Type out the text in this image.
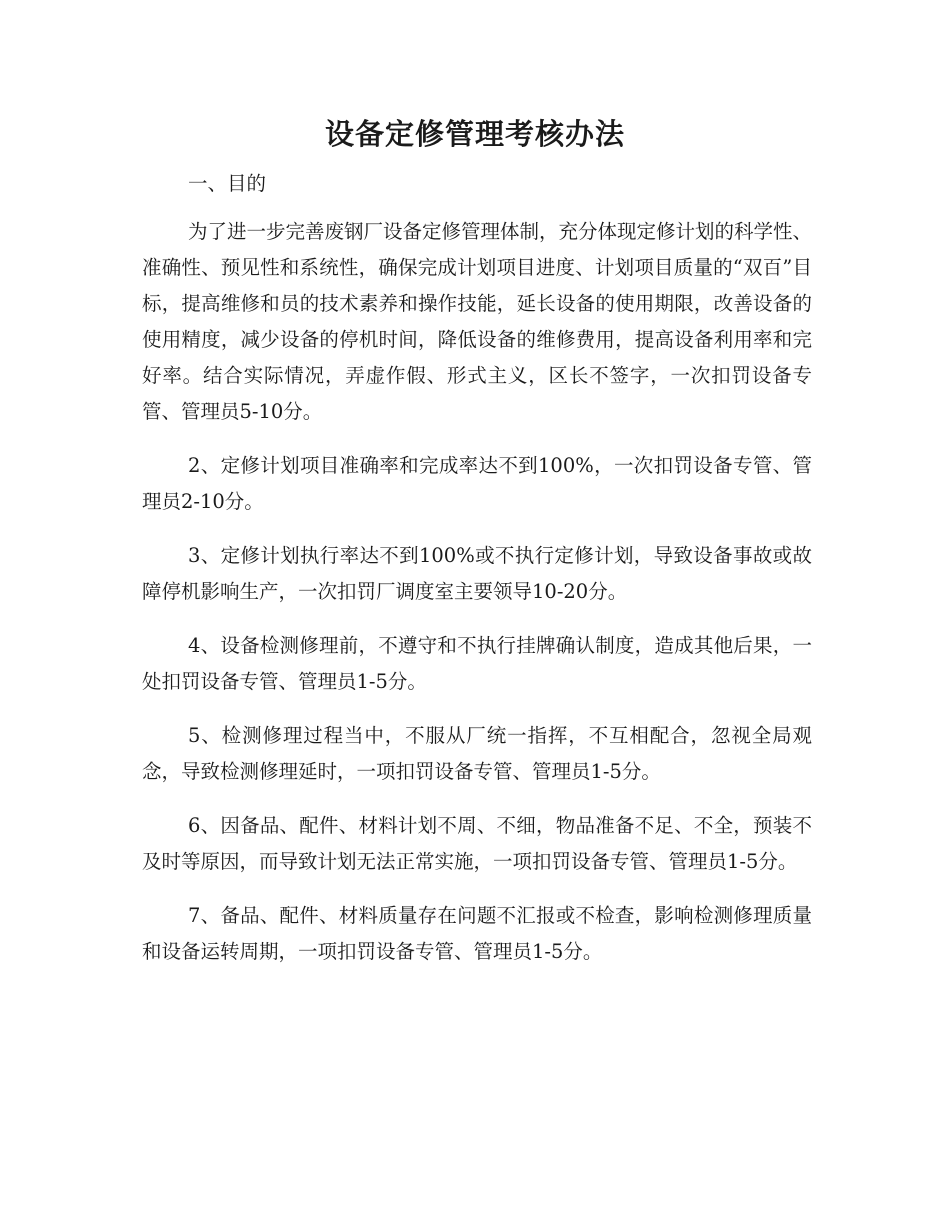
设备定修管理考核办法

一、目的

为了进一步完善废钢厂设备定修管理体制，充分体现定修计划的科学性、准确性、预见性和系统性，确保完成计划项目进度、计划项目质量的“双百”目标，提高维修和员的技术素养和操作技能，延长设备的使用期限，改善设备的使用精度，减少设备的停机时间，降低设备的维修费用，提高设备利用率和完好率。结合实际情况，弄虚作假、形式主义，区长不签字，一次扣罚设备专管、管理员5-10分。

2、定修计划项目准确率和完成率达不到100%，一次扣罚设备专管、管理员2-10分。

3、定修计划执行率达不到100%或不执行定修计划，导致设备事故或故障停机影响生产，一次扣罚厂调度室主要领导10-20分。

4、设备检测修理前，不遵守和不执行挂牌确认制度，造成其他后果，一处扣罚设备专管、管理员1-5分。

5、检测修理过程当中，不服从厂统一指挥，不互相配合，忽视全局观念，导致检测修理延时，一项扣罚设备专管、管理员1-5分。

6、因备品、配件、材料计划不周、不细，物品准备不足、不全，预装不及时等原因，而导致计划无法正常实施，一项扣罚设备专管、管理员1-5分。

7、备品、配件、材料质量存在问题不汇报或不检查，影响检测修理质量和设备运转周期，一项扣罚设备专管、管理员1-5分。
